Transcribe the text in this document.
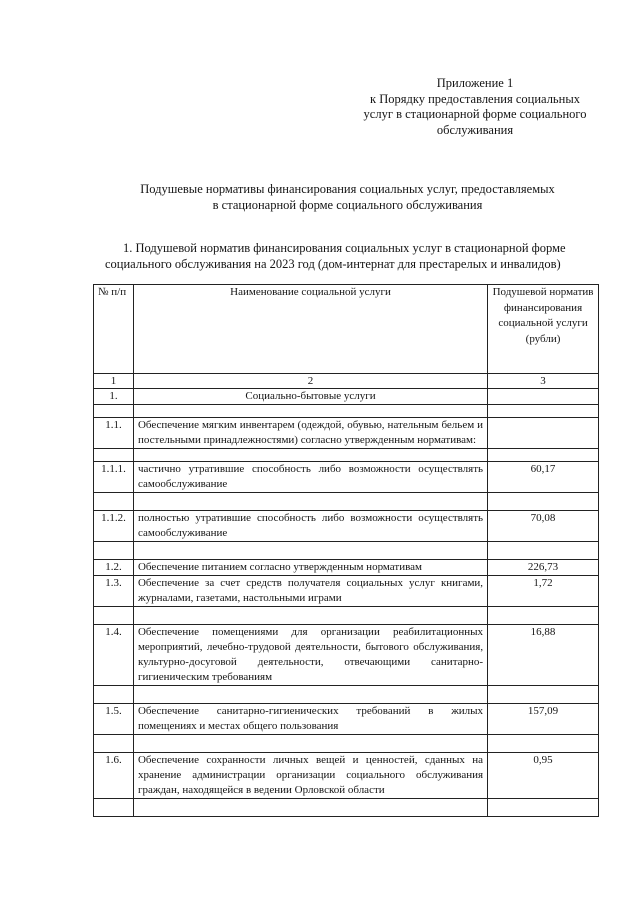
Приложение 1
к Порядку предоставления социальных
услуг в стационарной форме социального
обслуживания
Подушевые нормативы финансирования социальных услуг, предоставляемых
в стационарной форме социального обслуживания
1. Подушевой норматив финансирования социальных услуг в стационарной форме
социального обслуживания на 2023 год (дом-интернат для престарелых и инвалидов)
№ п/п	Наименование социальной услуги	Подушевой норматив финансирования социальной услуги (рубли)
1	2	3
1.	Социально-бытовые услуги	

1.1.	Обеспечение мягким инвентарем (одеждой, обувью, нательным бельем и постельными принадлежностями) согласно утвержденным нормативам:	

1.1.1.	частично утратившие способность либо возможности осуществлять самообслуживание	60,17

1.1.2.	полностью утратившие способность либо возможности осуществлять самообслуживание	70,08

1.2.	Обеспечение питанием согласно утвержденным нормативам	226,73
1.3.	Обеспечение за счет средств получателя социальных услуг книгами, журналами, газетами, настольными играми	1,72

1.4.	Обеспечение помещениями для организации реабилитационных мероприятий, лечебно-трудовой деятельности, бытового обслуживания, культурно-досуговой деятельности, отвечающими санитарно-гигиеническим требованиям	16,88

1.5.	Обеспечение санитарно-гигиенических требований в жилых помещениях и местах общего пользования	157,09

1.6.	Обеспечение сохранности личных вещей и ценностей, сданных на хранение администрации организации социального обслуживания граждан, находящейся в ведении Орловской области	0,95
